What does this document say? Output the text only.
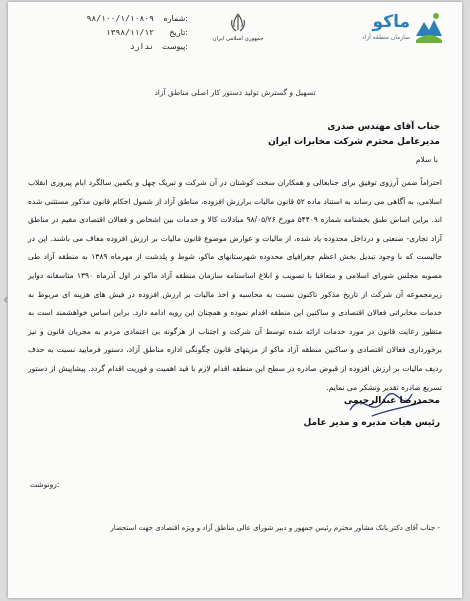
ماکو
سازمان منطقه آزاد
جمهوری اسلامی ایران
:شماره
۹۸/۱۰۰/۱/۱۰۸۰۹
:تاریخ
۱۳۹۸/۱۱/۱۲
:پیوست
ندارد
تسهیل و گسترش تولید دستور کار اصلی مناطق آزاد
جناب آقای مهندس صدری
مدیرعامل محترم شرکت مخابرات ایران
با سلام
احتراماً ضمن آرزوی توفیق برای جنابعالی و همکاران سخت کوشتان در آن شرکت و تبریک چهل و یکمین سالگرد ایام پیروزی انقلاب اسلامی، به آگاهی می رساند به استناد ماده ۵۲ قانون مالیات برارزش افزوده، مناطق آزاد از شمول احکام قانون مذکور مستثنی شده اند. براین اساس طبق بخشنامه شماره ۵۴۴۰۹ مورخ ۹۸/۰۵/۲۶ مبادلات کالا و خدمات بین اشخاص و فعالان اقتصادی مقیم در مناطق آزاد تجاری- صنعتی و درداخل محدوده یاد شده، از مالیات و عوارض موضوع قانون مالیات بر ارزش افزوده معاف می باشند. این در حالیست که با وجود تبدیل بخش اعظم جغرافیای محدوده شهرستانهای ماکو، شوط و پلدشت از مهرماه ۱۳۸۹ به منطقه آزاد طی مصوبه مجلس شورای اسلامی و متعاقبا با تصویب و ابلاغ اساسنامه سازمان منطقه آزاد ماکو در اول آذرماه ۱۳۹۰ متاسفانه دوایر زیرمجموعه آن شرکت از تاریخ مذکور تاکنون نسبت به محاسبه و اخذ مالیات بر ارزش افزوده در فیش های هزینه ای مربوط به خدمات مخابراتی فعالان اقتصادی و ساکنین این منطقه اقدام نموده و همچنان این رویه ادامه دارد. براین اساس خواهشمند است به منظور رعایت قانون در مورد خدمات ارائه شده توسط آن شرکت و اجتناب از هرگونه بی اعتمادی مردم به مجریان قانون و نیز برخورداری فعالان اقتصادی و ساکنین منطقه آزاد ماکو از مزیتهای قانون چگونگی اداره مناطق آزاد، دستور فرمایید نسبت به حذف ردیف مالیات بر ارزش افزوده از قبوض صادره در سطح این منطقه اقدام لازم با قید اهمیت و فوریت اقدام گردد. پیشاپیش از دستور تسریع صادره تقدیر وتشکر می نمایم.
محمدرضا عبدالرحیمی
رئیس هیات مدیره و مدیر عامل
:رونوشت
- جناب آقای دکتر بانک مشاور محترم رئیس جمهور و دبیر شورای عالی مناطق آزاد و ویژه اقتصادی جهت استحضار
‹
